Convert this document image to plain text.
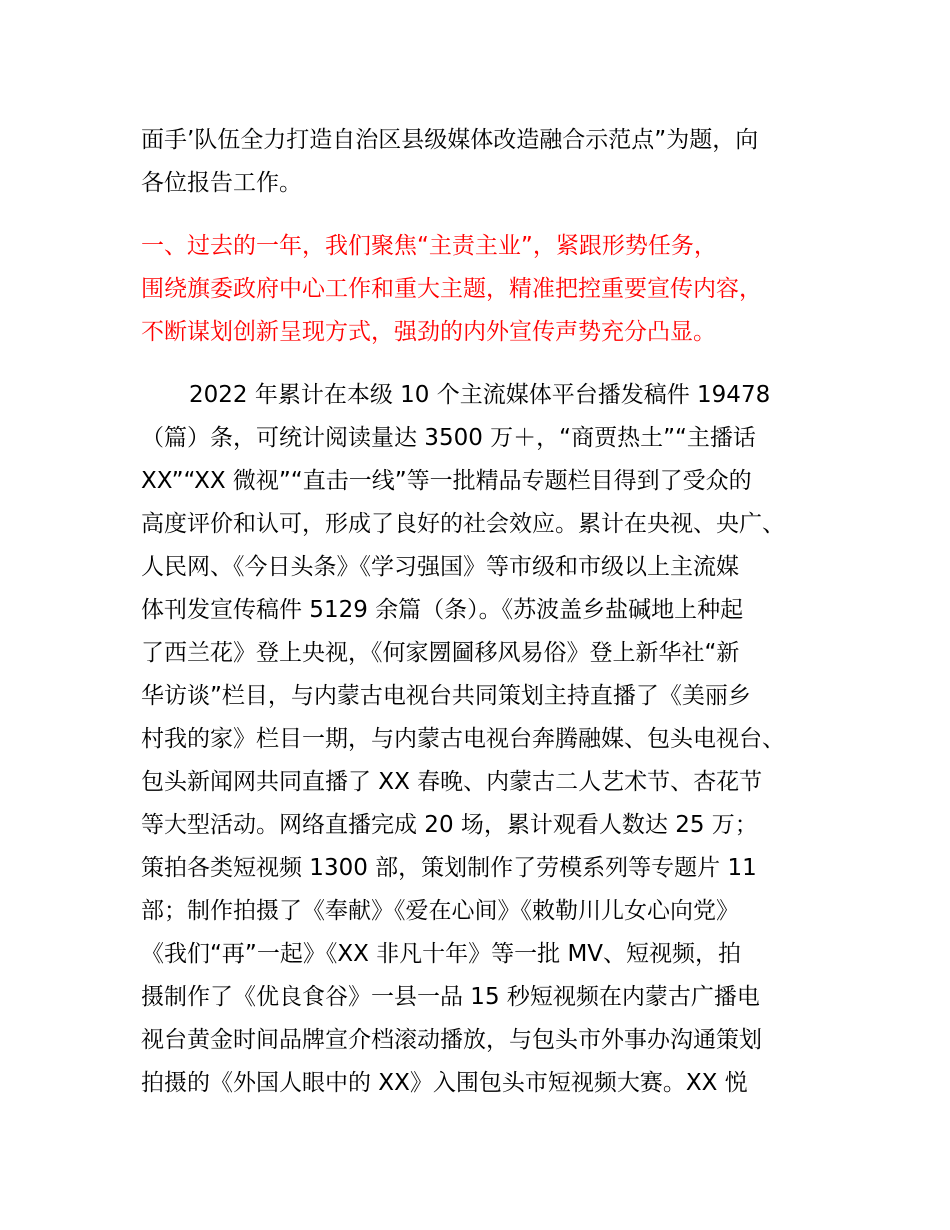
面手’队伍全力打造自治区县级媒体改造融合示范点”为题，向
各位报告工作。
一、过去的一年，我们聚焦“主责主业”，紧跟形势任务，
围绕旗委政府中心工作和重大主题，精准把控重要宣传内容，
不断谋划创新呈现方式，强劲的内外宣传声势充分凸显。
2022 年累计在本级 10 个主流媒体平台播发稿件 19478
（篇）条，可统计阅读量达 3500 万＋，“商贾热土”“主播话
XX”“XX 微视”“直击一线”等一批精品专题栏目得到了受众的
高度评价和认可，形成了良好的社会效应。累计在央视、央广、
人民网、《今日头条》《学习强国》等市级和市级以上主流媒
体刊发宣传稿件 5129 余篇（条）。《苏波盖乡盐碱地上种起
了西兰花》登上央视，《何家圐圙移风易俗》登上新华社“新
华访谈”栏目，与内蒙古电视台共同策划主持直播了《美丽乡
村我的家》栏目一期，与内蒙古电视台奔腾融媒、包头电视台、
包头新闻网共同直播了 XX 春晚、内蒙古二人艺术节、杏花节
等大型活动。网络直播完成 20 场，累计观看人数达 25 万；
策拍各类短视频 1300 部，策划制作了劳模系列等专题片 11
部；制作拍摄了《奉献》《爱在心间》《敕勒川儿女心向党》
《我们“再”一起》《XX 非凡十年》等一批 MV、短视频，拍
摄制作了《优良食谷》一县一品 15 秒短视频在内蒙古广播电
视台黄金时间品牌宣介档滚动播放，与包头市外事办沟通策划
拍摄的《外国人眼中的 XX》入围包头市短视频大赛。XX 悦
